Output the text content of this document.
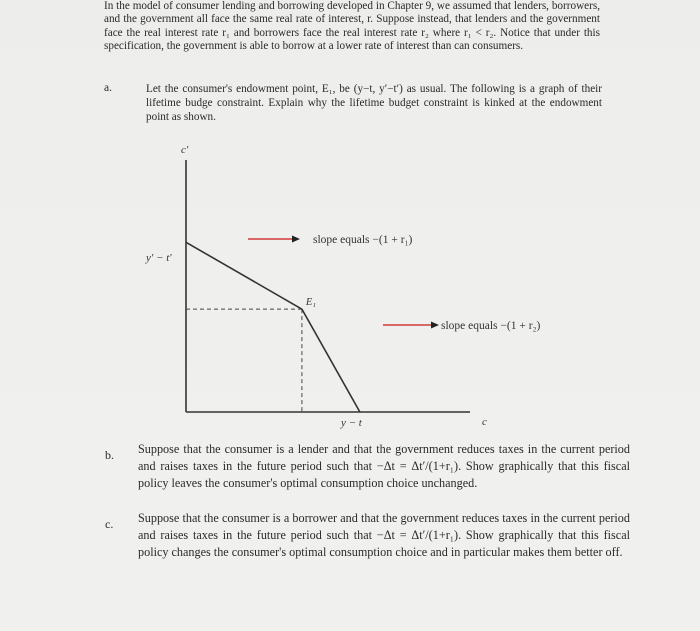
In the model of consumer lending and borrowing developed in Chapter 9, we assumed that lenders, borrowers, and the government all face the same real rate of interest, r. Suppose instead, that lenders and the government face the real interest rate r₁ and borrowers face the real interest rate r₂ where r₁ < r₂. Notice that under this specification, the government is able to borrow at a lower rate of interest than can consumers.
a.	Let the consumer's endowment point, E₁, be (y−t, y′−t′) as usual. The following is a graph of their lifetime budge constraint. Explain why the lifetime budget constraint is kinked at the endowment point as shown.
c′
c
y′ − t′
y − t
E₁
slope equals −(1 + r₁)
slope equals −(1 + r₂)
b. Suppose that the consumer is a lender and that the government reduces taxes in the current period and raises taxes in the future period such that −Δt = Δt′/(1+r₁). Show graphically that this fiscal policy leaves the consumer's optimal consumption choice unchanged.
c. Suppose that the consumer is a borrower and that the government reduces taxes in the current period and raises taxes in the future period such that −Δt = Δt′/(1+r₁). Show graphically that this fiscal policy changes the consumer's optimal consumption choice and in particular makes them better off.
